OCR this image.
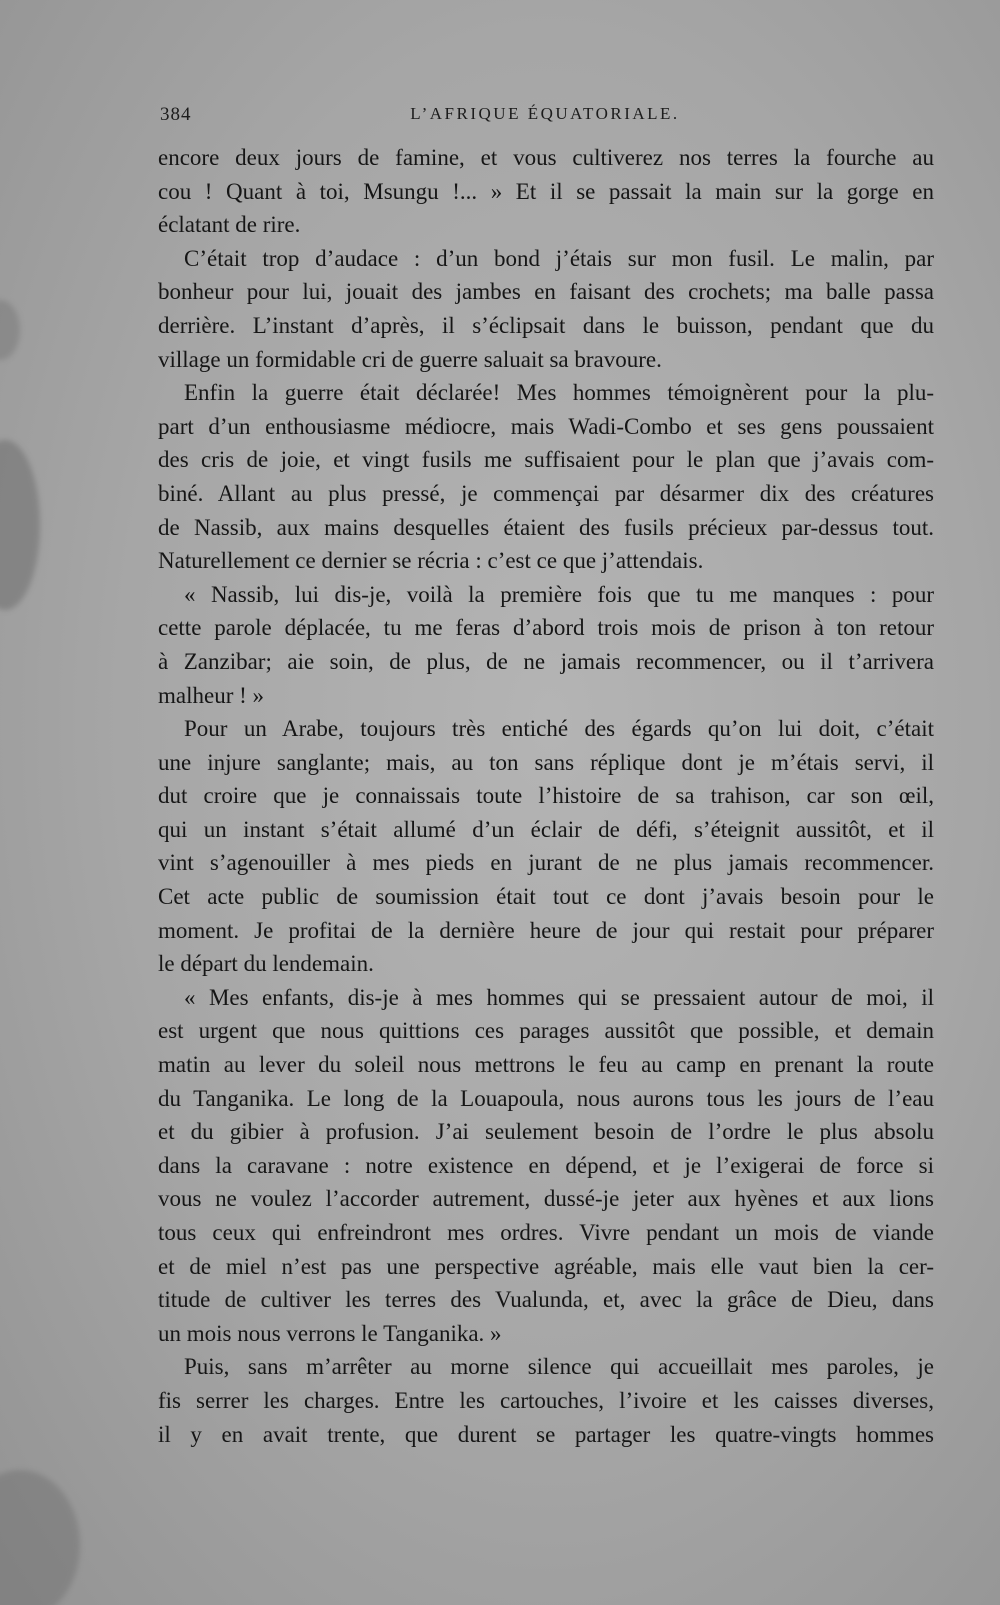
384	L’AFRIQUE ÉQUATORIALE.
encore deux jours de famine, et vous cultiverez nos terres la fourche au
cou ! Quant à toi, Msungu !... » Et il se passait la main sur la gorge en
éclatant de rire.
C’était trop d’audace : d’un bond j’étais sur mon fusil. Le malin, par
bonheur pour lui, jouait des jambes en faisant des crochets; ma balle passa
derrière. L’instant d’après, il s’éclipsait dans le buisson, pendant que du
village un formidable cri de guerre saluait sa bravoure.
Enfin la guerre était déclarée! Mes hommes témoignèrent pour la plu-
part d’un enthousiasme médiocre, mais Wadi-Combo et ses gens poussaient
des cris de joie, et vingt fusils me suffisaient pour le plan que j’avais com-
biné. Allant au plus pressé, je commençai par désarmer dix des créatures
de Nassib, aux mains desquelles étaient des fusils précieux par-dessus tout.
Naturellement ce dernier se récria : c’est ce que j’attendais.
« Nassib, lui dis-je, voilà la première fois que tu me manques : pour
cette parole déplacée, tu me feras d’abord trois mois de prison à ton retour
à Zanzibar; aie soin, de plus, de ne jamais recommencer, ou il t’arrivera
malheur ! »
Pour un Arabe, toujours très entiché des égards qu’on lui doit, c’était
une injure sanglante; mais, au ton sans réplique dont je m’étais servi, il
dut croire que je connaissais toute l’histoire de sa trahison, car son œil,
qui un instant s’était allumé d’un éclair de défi, s’éteignit aussitôt, et il
vint s’agenouiller à mes pieds en jurant de ne plus jamais recommencer.
Cet acte public de soumission était tout ce dont j’avais besoin pour le
moment. Je profitai de la dernière heure de jour qui restait pour préparer
le départ du lendemain.
« Mes enfants, dis-je à mes hommes qui se pressaient autour de moi, il
est urgent que nous quittions ces parages aussitôt que possible, et demain
matin au lever du soleil nous mettrons le feu au camp en prenant la route
du Tanganika. Le long de la Louapoula, nous aurons tous les jours de l’eau
et du gibier à profusion. J’ai seulement besoin de l’ordre le plus absolu
dans la caravane : notre existence en dépend, et je l’exigerai de force si
vous ne voulez l’accorder autrement, dussé-je jeter aux hyènes et aux lions
tous ceux qui enfreindront mes ordres. Vivre pendant un mois de viande
et de miel n’est pas une perspective agréable, mais elle vaut bien la cer-
titude de cultiver les terres des Vualunda, et, avec la grâce de Dieu, dans
un mois nous verrons le Tanganika. »
Puis, sans m’arrêter au morne silence qui accueillait mes paroles, je
fis serrer les charges. Entre les cartouches, l’ivoire et les caisses diverses,
il y en avait trente, que durent se partager les quatre-vingts hommes
